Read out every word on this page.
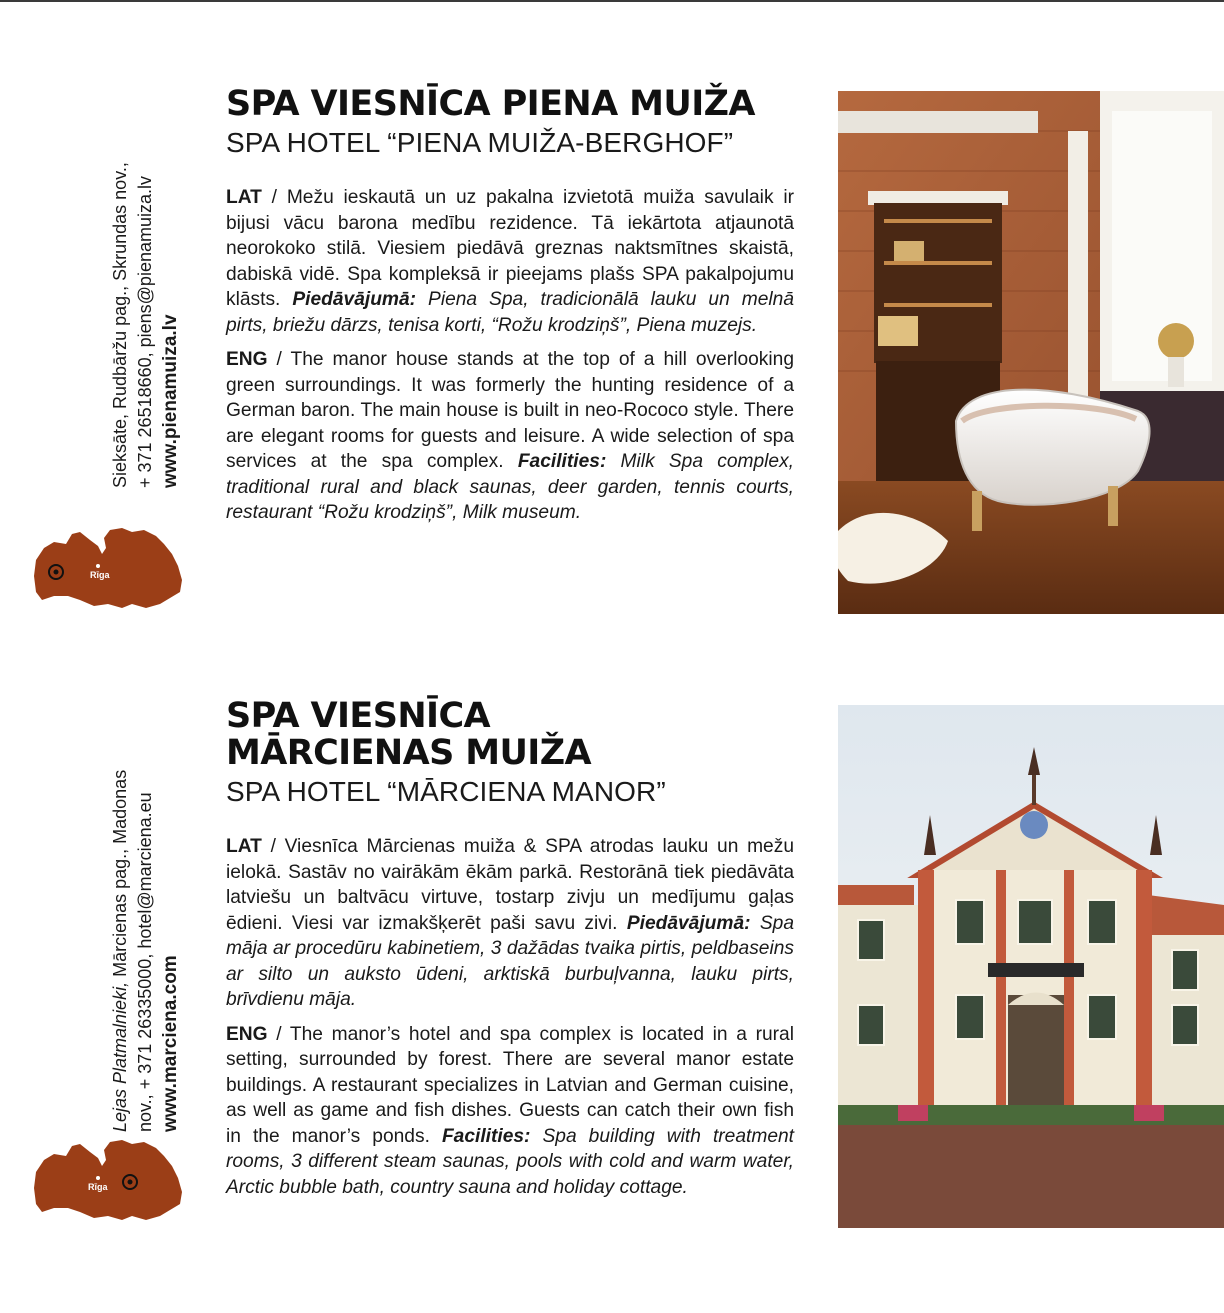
Sieksāte, Rudbāržu pag., Skrundas nov., + 371 26518660, piens@pienamuiza.lv www.pienamuiza.lv
Rīga
SPA VIESNĪCA PIENA MUIŽA
SPA HOTEL “PIENA MUIŽA-BERGHOF”

LAT / Mežu ieskautā un uz pakalna izvietotā muiža savulaik ir bijusi vācu barona medību rezidence. Tā iekārtota atjaunotā neorokoko stilā. Viesiem piedāvā greznas naktsmītnes skaistā, dabiskā vidē. Spa kompleksā ir pieejams plašs SPA pakalpojumu klāsts. Piedāvājumā: Piena Spa, tradicionālā lauku un melnā pirts, briežu dārzs, tenisa korti, “Rožu krodziņš”, Piena muzejs.

ENG / The manor house stands at the top of a hill overlooking green surroundings. It was formerly the hunting residence of a German baron. The main house is built in neo-Rococo style. There are elegant rooms for guests and leisure. A wide selection of spa services at the spa complex. Facilities: Milk Spa complex, traditional rural and black saunas, deer garden, tennis courts, restaurant “Rožu krodziņš”, Milk museum.

Lejas Platmalnieki, Mārcienas pag., Madonas nov., + 371 26335000, hotel@marciena.eu www.marciena.com
Rīga
SPA VIESNĪCA
MĀRCIENAS MUIŽA
SPA HOTEL “MĀRCIENA MANOR”

LAT / Viesnīca Mārcienas muiža & SPA atrodas lauku un mežu ielokā. Sastāv no vairākām ēkām parkā. Restorānā tiek piedāvāta latviešu un baltvācu virtuve, tostarp zivju un medījumu gaļas ēdieni. Viesi var izmakšķerēt paši savu zivi. Piedāvājumā: Spa māja ar procedūru kabinetiem, 3 dažādas tvaika pirtis, peldbaseins ar silto un auksto ūdeni, arktiskā burbuļvanna, lauku pirts, brīvdienu māja.

ENG / The manor’s hotel and spa complex is located in a rural setting, surrounded by forest. There are several manor estate buildings. A restaurant specializes in Latvian and German cuisine, as well as game and fish dishes. Guests can catch their own fish in the manor’s ponds. Facilities: Spa building with treatment rooms, 3 different steam saunas, pools with cold and warm water, Arctic bubble bath, country sauna and holiday cottage.
